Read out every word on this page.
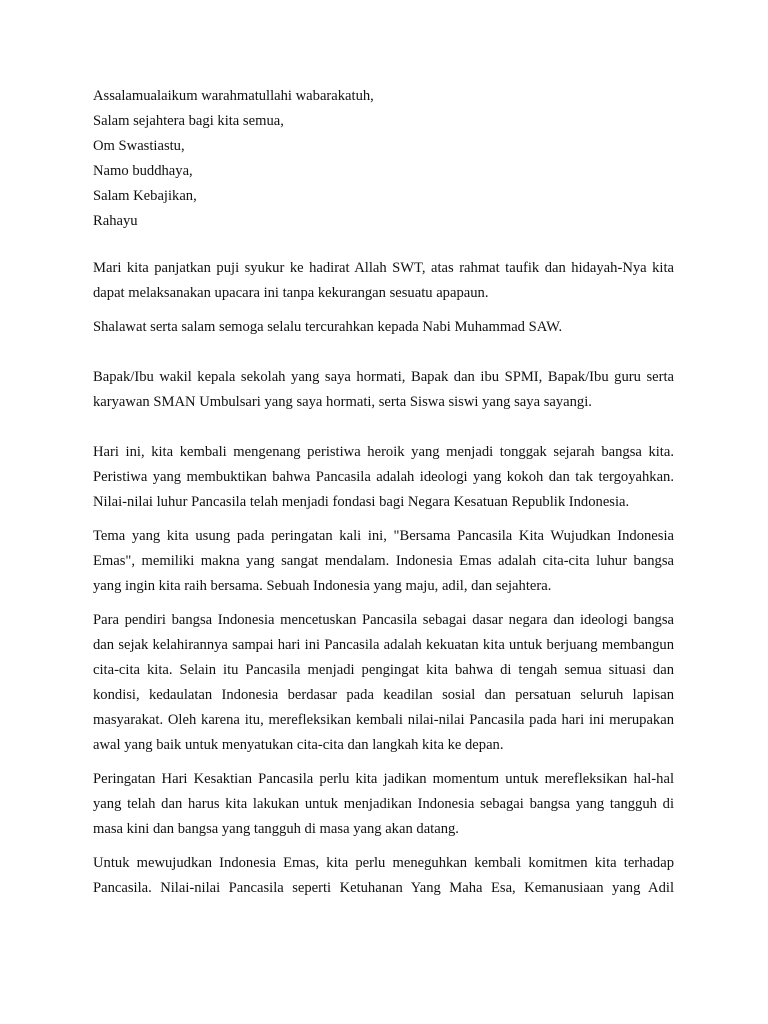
Assalamualaikum warahmatullahi wabarakatuh,
Salam sejahtera bagi kita semua,
Om Swastiastu,
Namo buddhaya,
Salam Kebajikan,
Rahayu

Mari kita panjatkan puji syukur ke hadirat Allah SWT, atas rahmat taufik dan hidayah-Nya kita dapat melaksanakan upacara ini tanpa kekurangan sesuatu apapaun.

Shalawat serta salam semoga selalu tercurahkan kepada Nabi Muhammad SAW.

Bapak/Ibu wakil kepala sekolah yang saya hormati, Bapak dan ibu SPMI, Bapak/Ibu guru serta karyawan SMAN Umbulsari yang saya hormati, serta Siswa siswi yang saya sayangi.

Hari ini, kita kembali mengenang peristiwa heroik yang menjadi tonggak sejarah bangsa kita. Peristiwa yang membuktikan bahwa Pancasila adalah ideologi yang kokoh dan tak tergoyahkan. Nilai-nilai luhur Pancasila telah menjadi fondasi bagi Negara Kesatuan Republik Indonesia.

Tema yang kita usung pada peringatan kali ini, "Bersama Pancasila Kita Wujudkan Indonesia Emas", memiliki makna yang sangat mendalam. Indonesia Emas adalah cita-cita luhur bangsa yang ingin kita raih bersama. Sebuah Indonesia yang maju, adil, dan sejahtera.

Para pendiri bangsa Indonesia mencetuskan Pancasila sebagai dasar negara dan ideologi bangsa dan sejak kelahirannya sampai hari ini Pancasila adalah kekuatan kita untuk berjuang membangun cita-cita kita. Selain itu Pancasila menjadi pengingat kita bahwa di tengah semua situasi dan kondisi, kedaulatan Indonesia berdasar pada keadilan sosial dan persatuan seluruh lapisan masyarakat. Oleh karena itu, merefleksikan kembali nilai-nilai Pancasila pada hari ini merupakan awal yang baik untuk menyatukan cita-cita dan langkah kita ke depan.

Peringatan Hari Kesaktian Pancasila perlu kita jadikan momentum untuk merefleksikan hal-hal yang telah dan harus kita lakukan untuk menjadikan Indonesia sebagai bangsa yang tangguh di masa kini dan bangsa yang tangguh di masa yang akan datang.

Untuk mewujudkan Indonesia Emas, kita perlu meneguhkan kembali komitmen kita terhadap Pancasila. Nilai-nilai Pancasila seperti Ketuhanan Yang Maha Esa, Kemanusiaan yang Adil
